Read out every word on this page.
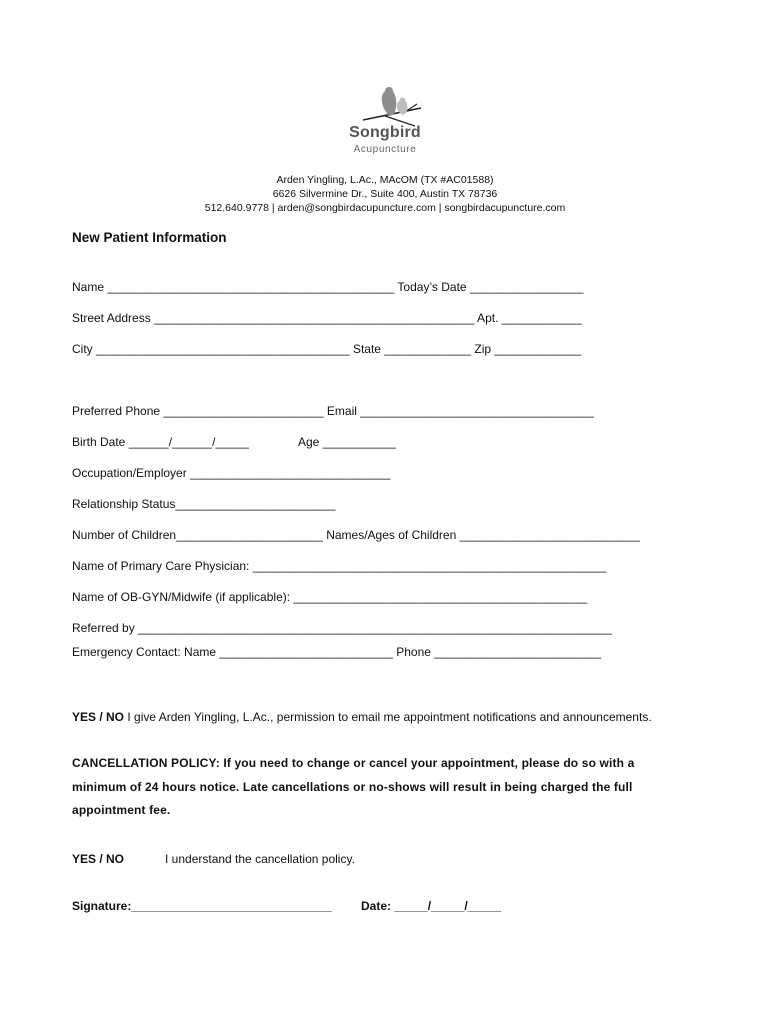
Songbird
Acupuncture
Arden Yingling, L.Ac., MAcOM (TX #AC01588)
6626 Silvermine Dr., Suite 400, Austin TX 78736
512.640.9778 | arden@songbirdacupuncture.com | songbirdacupuncture.com
New Patient Information
Name ___________________________________________ Today’s Date _________________
Street Address ________________________________________________ Apt. ____________
City ______________________________________ State _____________ Zip _____________
Preferred Phone ________________________ Email ___________________________________
Birth Date ______/______/_____	Age ___________
Occupation/Employer ______________________________
Relationship Status________________________
Number of Children______________________ Names/Ages of Children ___________________________
Name of Primary Care Physician: _____________________________________________________
Name of OB-GYN/Midwife (if applicable): ____________________________________________
Referred by _______________________________________________________________________
Emergency Contact: Name __________________________ Phone _________________________
YES / NO I give Arden Yingling, L.Ac., permission to email me appointment notifications and announcements.
CANCELLATION POLICY: If you need to change or cancel your appointment, please do so with a
minimum of 24 hours notice. Late cancellations or no-shows will result in being charged the full
appointment fee.
YES / NO	I understand the cancellation policy.
Signature:______________________________ Date: _____/_____/_____
